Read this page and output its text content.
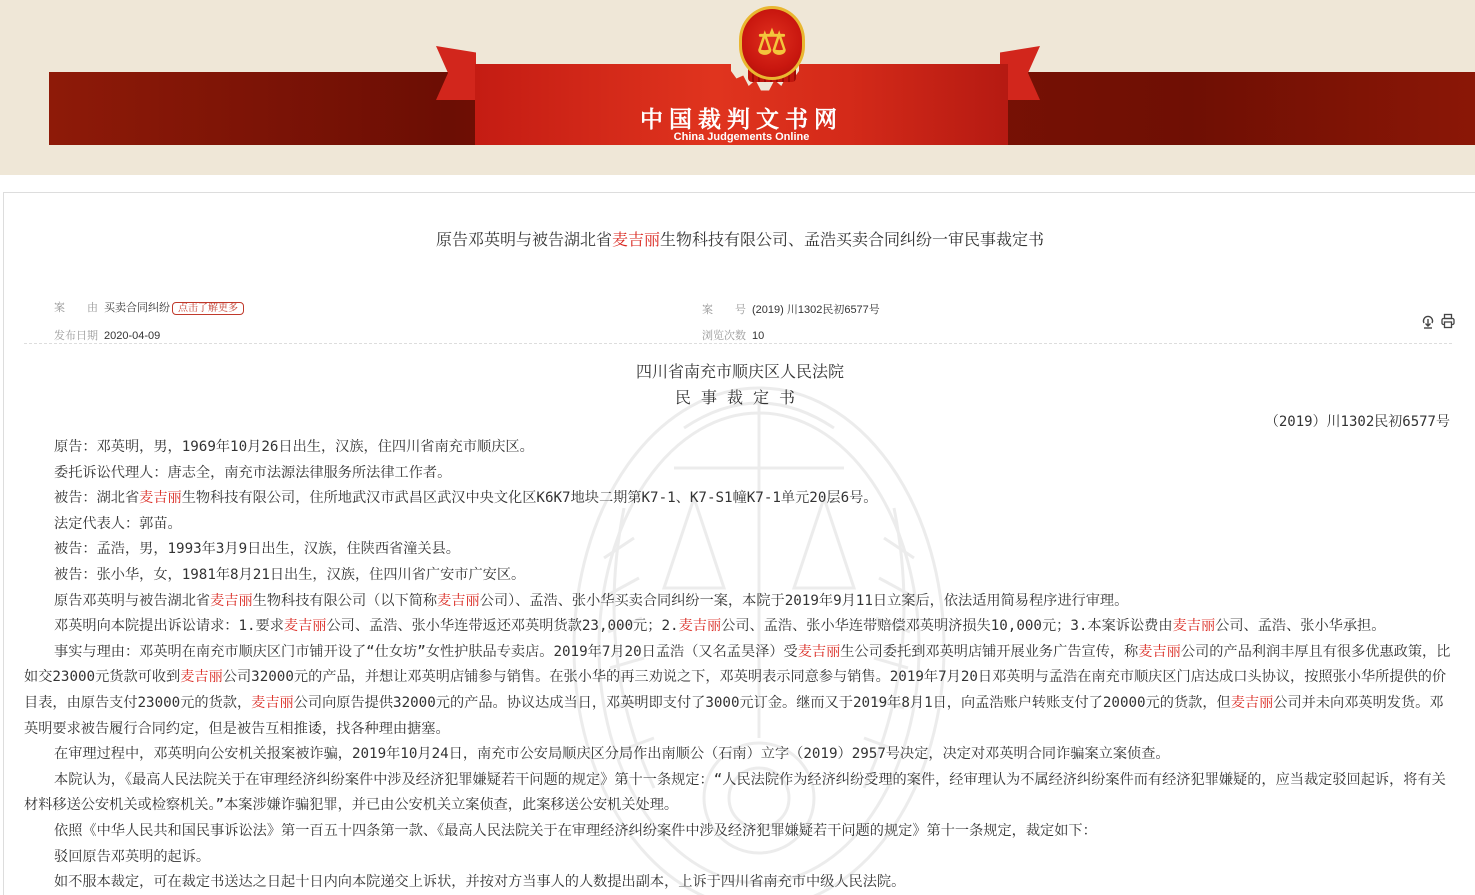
⚖
中国裁判文书网
China Judgements Online
原告邓英明与被告湖北省麦吉丽生物科技有限公司、孟浩买卖合同纠纷一审民事裁定书
案　　由 买卖合同纠纷 点击了解更多
发布日期 2020-04-09
案　　号 (2019) 川1302民初6577号
浏览次数 10
四川省南充市顺庆区人民法院
民事裁定书
（2019）川1302民初6577号

原告：邓英明，男，1969年10月26日出生，汉族，住四川省南充市顺庆区。

委托诉讼代理人：唐志全，南充市法源法律服务所法律工作者。

被告：湖北省麦吉丽生物科技有限公司，住所地武汉市武昌区武汉中央文化区K6K7地块二期第K7-1、K7-S1幢K7-1单元20层6号。

法定代表人：郭苗。

被告：孟浩，男，1993年3月9日出生，汉族，住陕西省潼关县。

被告：张小华，女，1981年8月21日出生，汉族，住四川省广安市广安区。

原告邓英明与被告湖北省麦吉丽生物科技有限公司（以下简称麦吉丽公司）、孟浩、张小华买卖合同纠纷一案，本院于2019年9月11日立案后，依法适用简易程序进行审理。

邓英明向本院提出诉讼请求：1.要求麦吉丽公司、孟浩、张小华连带返还邓英明货款23,000元；2.麦吉丽公司、孟浩、张小华连带赔偿邓英明济损失10,000元；3.本案诉讼费由麦吉丽公司、孟浩、张小华承担。

事实与理由：邓英明在南充市顺庆区门市铺开设了“仕女坊”女性护肤品专卖店。2019年7月20日孟浩（又名孟昊泽）受麦吉丽生公司委托到邓英明店铺开展业务广告宣传，称麦吉丽公司的产品利润丰厚且有很多优惠政策，比如交23000元货款可收到麦吉丽公司32000元的产品，并想让邓英明店铺参与销售。在张小华的再三劝说之下，邓英明表示同意参与销售。2019年7月20日邓英明与孟浩在南充市顺庆区门店达成口头协议，按照张小华所提供的价目表，由原告支付23000元的货款，麦吉丽公司向原告提供32000元的产品。协议达成当日，邓英明即支付了3000元订金。继而又于2019年8月1日，向孟浩账户转账支付了20000元的货款，但麦吉丽公司并未向邓英明发货。邓英明要求被告履行合同约定，但是被告互相推诿，找各种理由搪塞。

在审理过程中，邓英明向公安机关报案被诈骗，2019年10月24日，南充市公安局顺庆区分局作出南顺公（石南）立字（2019）2957号决定，决定对邓英明合同诈骗案立案侦查。

本院认为，《最高人民法院关于在审理经济纠纷案件中涉及经济犯罪嫌疑若干问题的规定》第十一条规定：“人民法院作为经济纠纷受理的案件，经审理认为不属经济纠纷案件而有经济犯罪嫌疑的，应当裁定驳回起诉，将有关材料移送公安机关或检察机关。”本案涉嫌诈骗犯罪，并已由公安机关立案侦查，此案移送公安机关处理。

依照《中华人民共和国民事诉讼法》第一百五十四条第一款、《最高人民法院关于在审理经济纠纷案件中涉及经济犯罪嫌疑若干问题的规定》第十一条规定，裁定如下：

驳回原告邓英明的起诉。

如不服本裁定，可在裁定书送达之日起十日内向本院递交上诉状，并按对方当事人的人数提出副本，上诉于四川省南充市中级人民法院。
